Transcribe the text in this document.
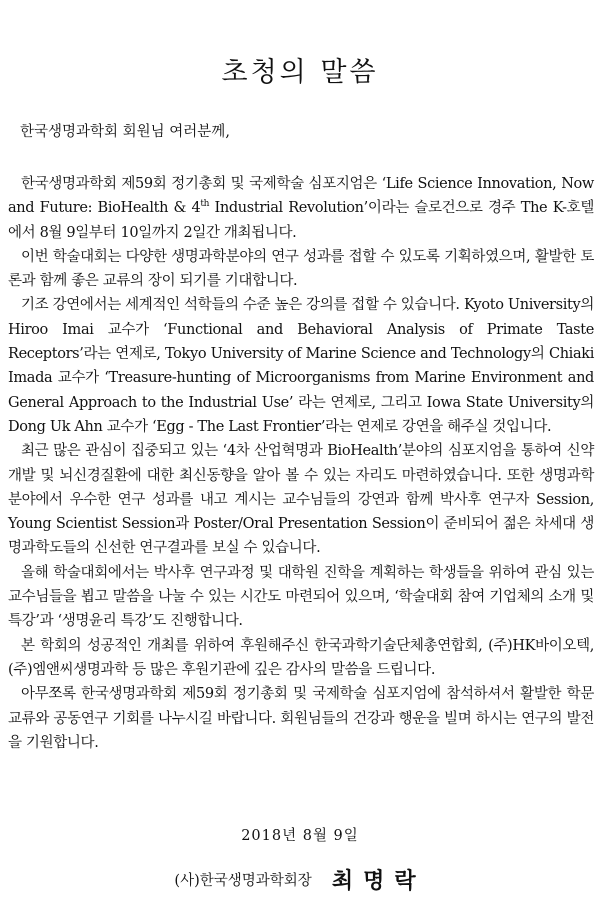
초청의 말씀
한국생명과학회 회원님 여러분께,

한국생명과학회 제59회 정기총회 및 국제학술 심포지엄은 ‘Life Science Innovation, Now and Future: BioHealth & 4th Industrial Revolution’이라는 슬로건으로 경주 The K-호텔에서 8월 9일부터 10일까지 2일간 개최됩니다.

이번 학술대회는 다양한 생명과학분야의 연구 성과를 접할 수 있도록 기획하였으며, 활발한 토론과 함께 좋은 교류의 장이 되기를 기대합니다.

기조 강연에서는 세계적인 석학들의 수준 높은 강의를 접할 수 있습니다. Kyoto University의 Hiroo Imai 교수가 ‘Functional and Behavioral Analysis of Primate Taste Receptors’라는 연제로, Tokyo University of Marine Science and Technology의 Chiaki Imada 교수가 ‘Treasure-hunting of Microorganisms from Marine Environment and General Approach to the Industrial Use’ 라는 연제로, 그리고 Iowa State University의 Dong Uk Ahn 교수가 ‘Egg - The Last Frontier’라는 연제로 강연을 해주실 것입니다.

최근 많은 관심이 집중되고 있는 ‘4차 산업혁명과 BioHealth’분야의 심포지엄을 통하여 신약개발 및 뇌신경질환에 대한 최신동향을 알아 볼 수 있는 자리도 마련하였습니다. 또한 생명과학분야에서 우수한 연구 성과를 내고 계시는 교수님들의 강연과 함께 박사후 연구자 Session, Young Scientist Session과 Poster/Oral Presentation Session이 준비되어 젊은 차세대 생명과학도들의 신선한 연구결과를 보실 수 있습니다.

올해 학술대회에서는 박사후 연구과정 및 대학원 진학을 계획하는 학생들을 위하여 관심 있는 교수님들을 뵙고 말씀을 나눌 수 있는 시간도 마련되어 있으며, ‘학술대회 참여 기업체의 소개 및 특강’과 ‘생명윤리 특강’도 진행합니다.

본 학회의 성공적인 개최를 위하여 후원해주신 한국과학기술단체총연합회, (주)HK바이오텍, (주)엠앤씨생명과학 등 많은 후원기관에 깊은 감사의 말씀을 드립니다.

아무쪼록 한국생명과학회 제59회 정기총회 및 국제학술 심포지엄에 참석하셔서 활발한 학문교류와 공동연구 기회를 나누시길 바랍니다. 회원님들의 건강과 행운을 빌며 하시는 연구의 발전을 기원합니다.

2018년 8월 9일
(사)한국생명과학회장 최명락
